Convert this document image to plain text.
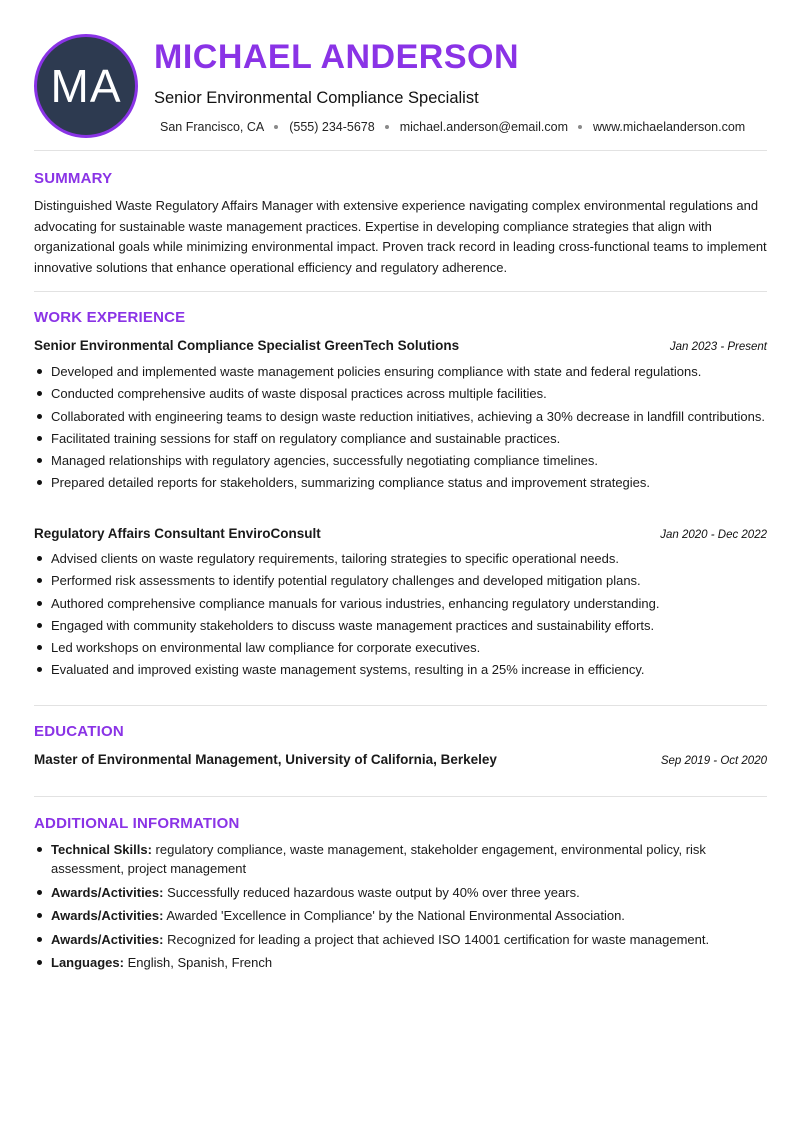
MA
MICHAEL ANDERSON

Senior Environmental Compliance Specialist

San Francisco, CA (555) 234-5678 michael.anderson@email.com www.michaelanderson.com
SUMMARY

Distinguished Waste Regulatory Affairs Manager with extensive experience navigating complex environmental regulations and advocating for sustainable waste management practices. Expertise in developing compliance strategies that align with organizational goals while minimizing environmental impact. Proven track record in leading cross-functional teams to implement innovative solutions that enhance operational efficiency and regulatory adherence.

WORK EXPERIENCE
Senior Environmental Compliance Specialist GreenTech Solutions	Jan 2023 - Present
Developed and implemented waste management policies ensuring compliance with state and federal regulations.
Conducted comprehensive audits of waste disposal practices across multiple facilities.
Collaborated with engineering teams to design waste reduction initiatives, achieving a 30% decrease in landfill contributions.
Facilitated training sessions for staff on regulatory compliance and sustainable practices.
Managed relationships with regulatory agencies, successfully negotiating compliance timelines.
Prepared detailed reports for stakeholders, summarizing compliance status and improvement strategies.
Regulatory Affairs Consultant EnviroConsult	Jan 2020 - Dec 2022
Advised clients on waste regulatory requirements, tailoring strategies to specific operational needs.
Performed risk assessments to identify potential regulatory challenges and developed mitigation plans.
Authored comprehensive compliance manuals for various industries, enhancing regulatory understanding.
Engaged with community stakeholders to discuss waste management practices and sustainability efforts.
Led workshops on environmental law compliance for corporate executives.
Evaluated and improved existing waste management systems, resulting in a 25% increase in efficiency.
EDUCATION
Master of Environmental Management, University of California, Berkeley	Sep 2019 - Oct 2020
ADDITIONAL INFORMATION
Technical Skills: regulatory compliance, waste management, stakeholder engagement, environmental policy, risk assessment, project management
Awards/Activities: Successfully reduced hazardous waste output by 40% over three years.
Awards/Activities: Awarded 'Excellence in Compliance' by the National Environmental Association.
Awards/Activities: Recognized for leading a project that achieved ISO 14001 certification for waste management.
Languages: English, Spanish, French
